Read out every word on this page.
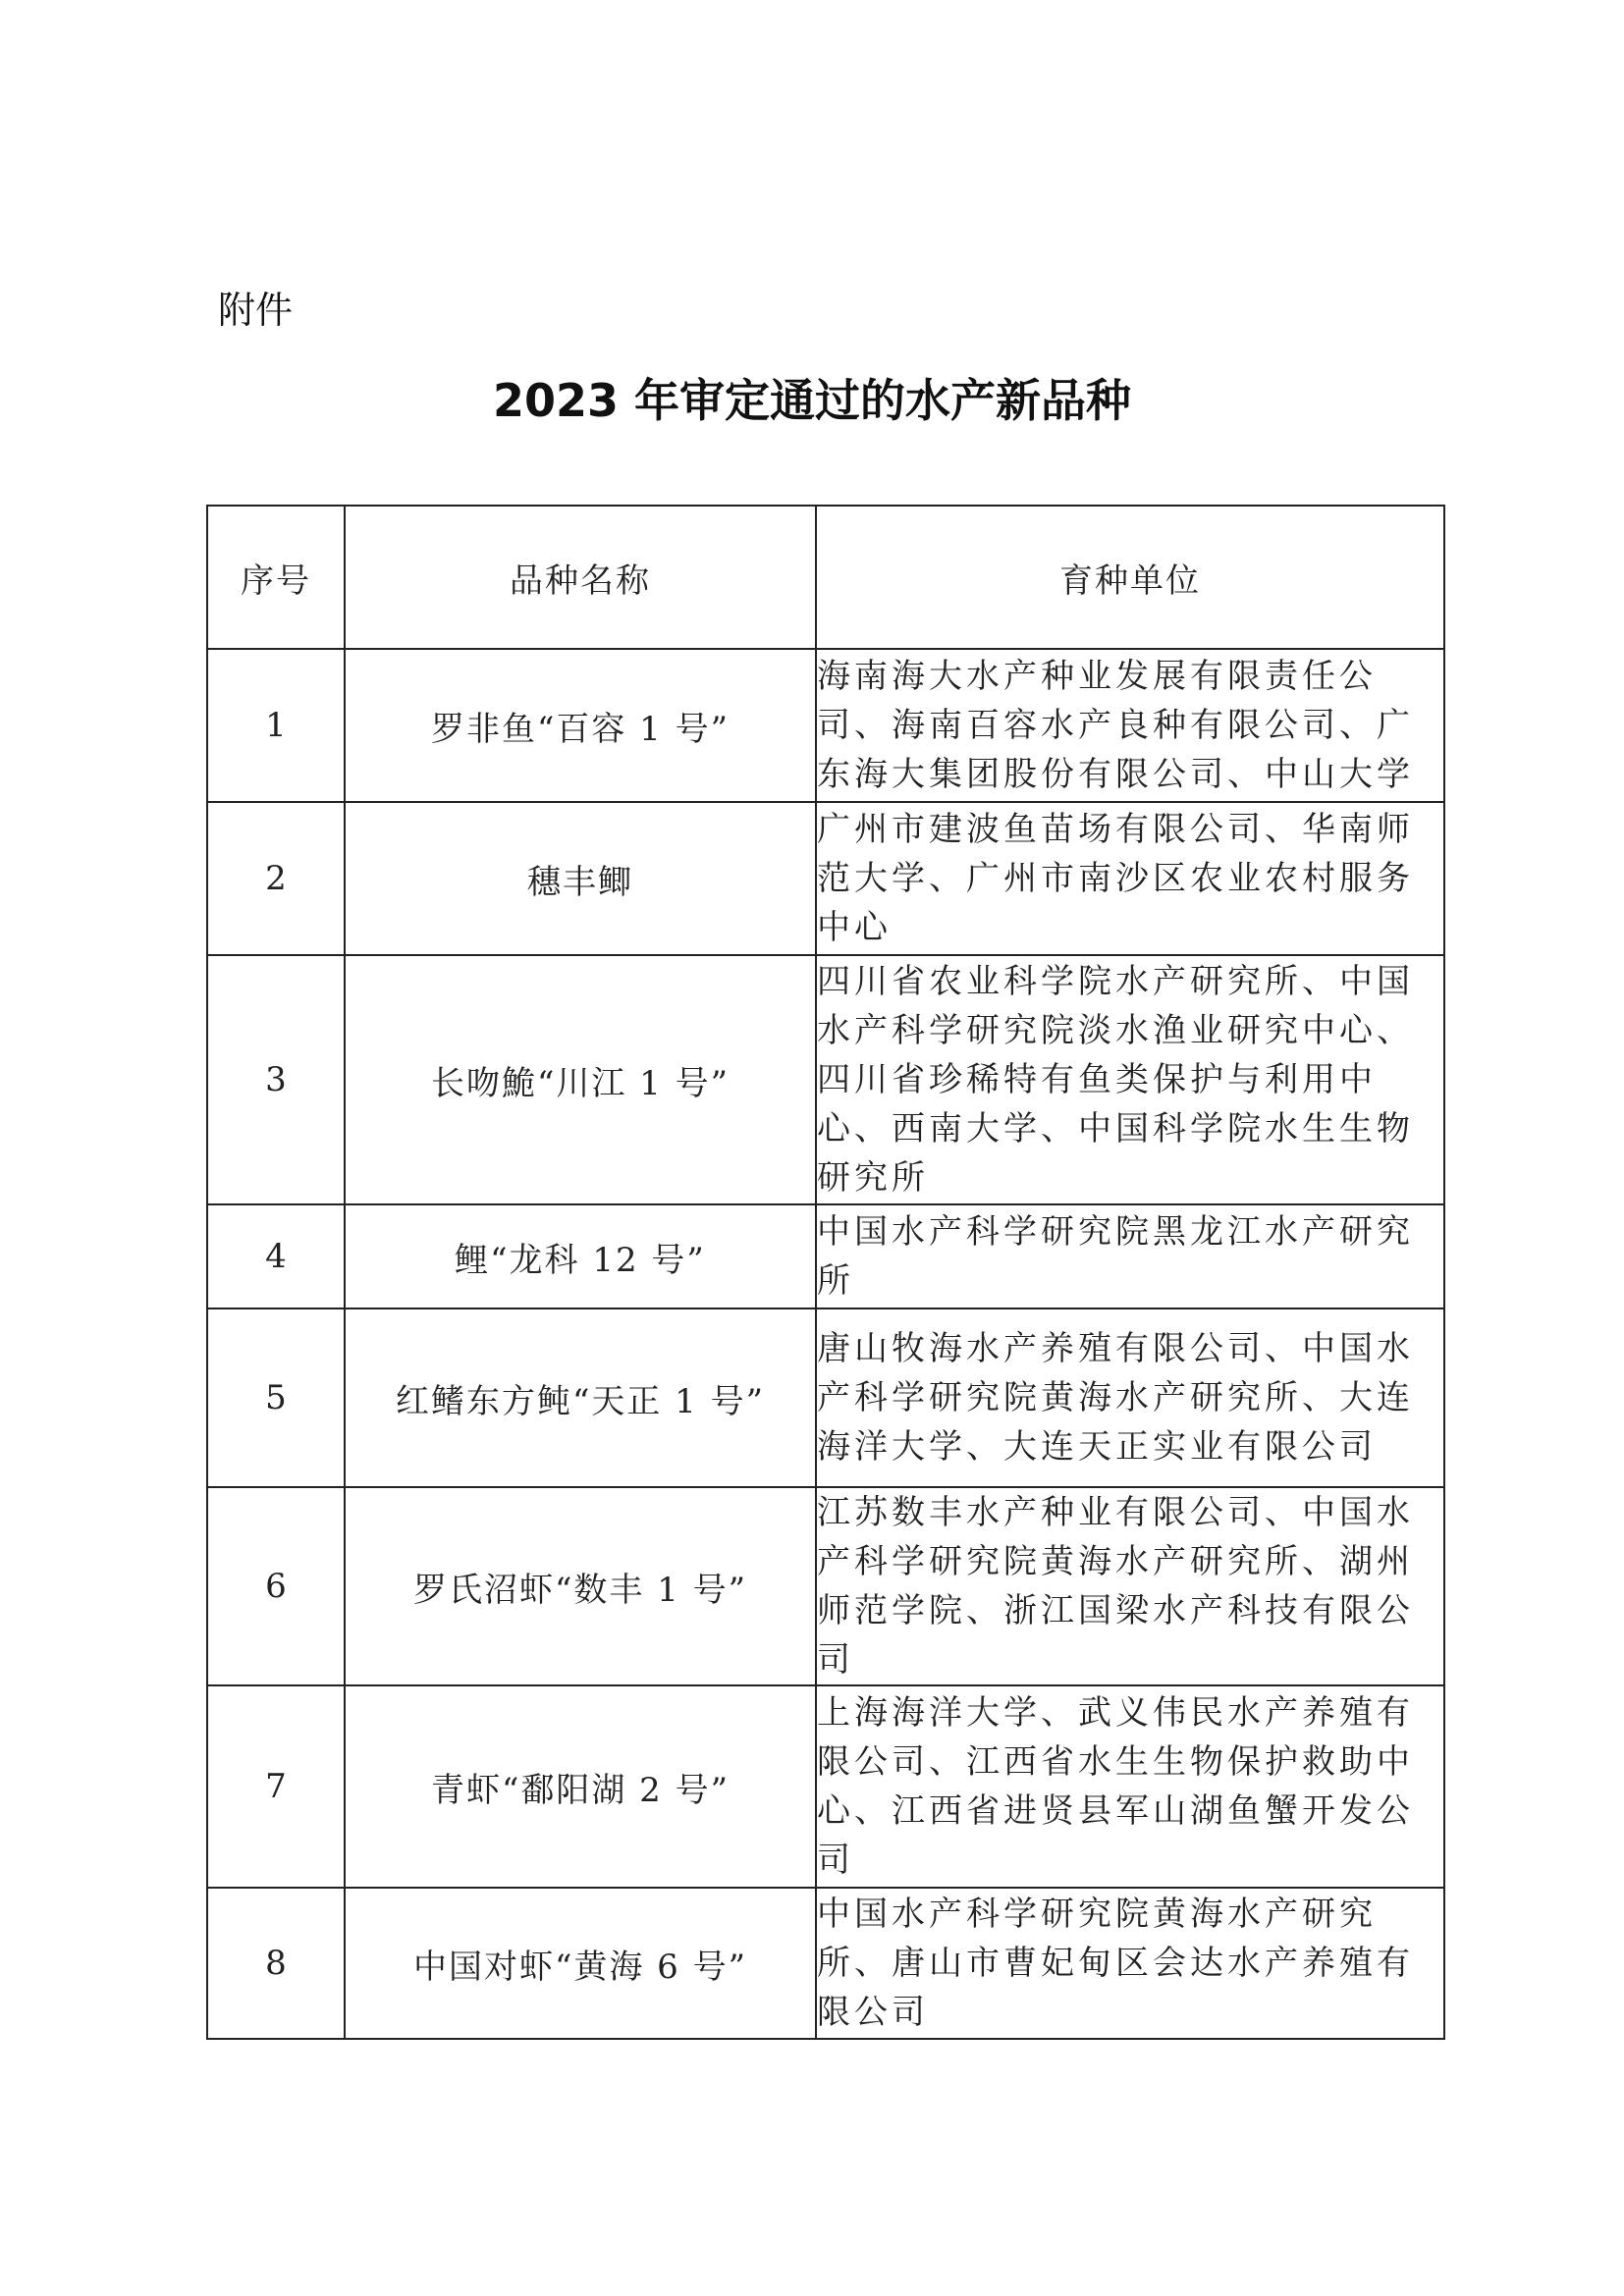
附件

2023 年审定通过的水产新品种
序号	品种名称	育种单位
1	罗非鱼“百容 1 号”	海南海大水产种业发展有限责任公司、海南百容水产良种有限公司、广东海大集团股份有限公司、中山大学
2	穗丰鲫	广州市建波鱼苗场有限公司、华南师范大学、广州市南沙区农业农村服务中心
3	长吻鮠“川江 1 号”	四川省农业科学院水产研究所、中国水产科学研究院淡水渔业研究中心、四川省珍稀特有鱼类保护与利用中心、西南大学、中国科学院水生生物研究所
4	鲤“龙科 12 号”	中国水产科学研究院黑龙江水产研究所
5	红鳍东方鲀“天正 1 号”	唐山牧海水产养殖有限公司、中国水产科学研究院黄海水产研究所、大连海洋大学、大连天正实业有限公司
6	罗氏沼虾“数丰 1 号”	江苏数丰水产种业有限公司、中国水产科学研究院黄海水产研究所、湖州师范学院、浙江国梁水产科技有限公司
7	青虾“鄱阳湖 2 号”	上海海洋大学、武义伟民水产养殖有限公司、江西省水生生物保护救助中心、江西省进贤县军山湖鱼蟹开发公司
8	中国对虾“黄海 6 号”	中国水产科学研究院黄海水产研究所、唐山市曹妃甸区会达水产养殖有限公司
